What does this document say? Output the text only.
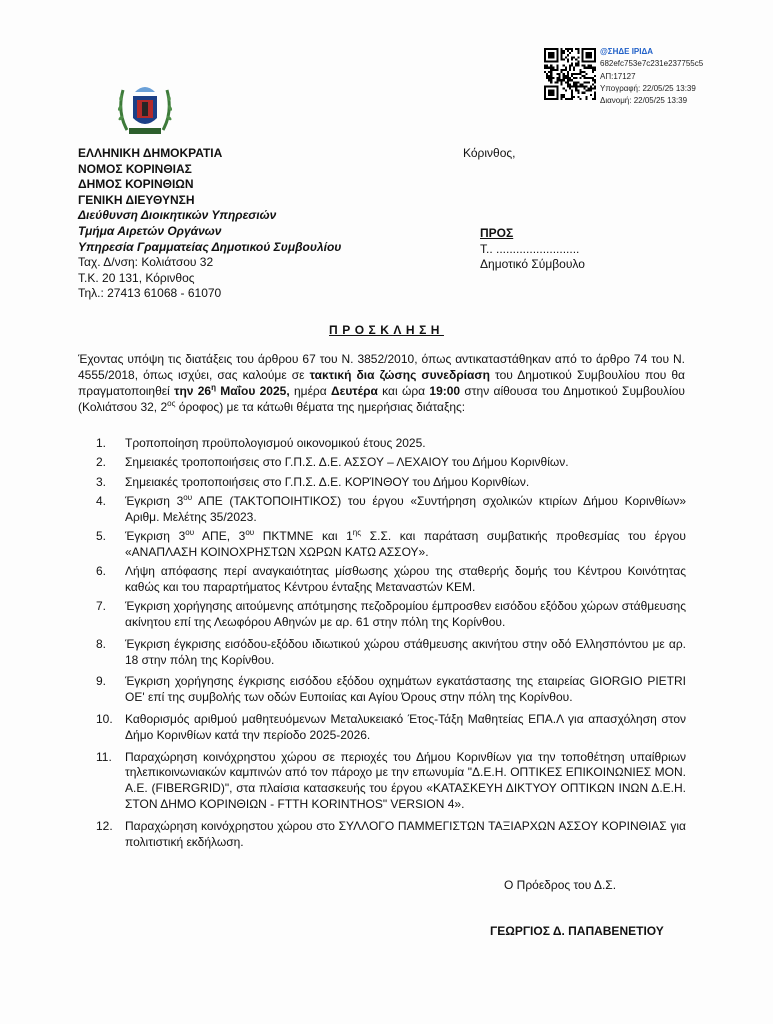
@ΣΗΔΕ ΙΡΙΔΑ
682efc753e7c231e237755c5
ΑΠ:17127
Υπογραφή: 22/05/25 13:39
Διανομή: 22/05/25 13:39
ΕΛΛΗΝΙΚΗ ΔΗΜΟΚΡΑΤΙΑ
ΝΟΜΟΣ ΚΟΡΙΝΘΙΑΣ
ΔΗΜΟΣ ΚΟΡΙΝΘΙΩΝ
ΓΕΝΙΚΗ ΔΙΕΥΘΥΝΣΗ
Διεύθυνση Διοικητικών Υπηρεσιών
Τμήμα Αιρετών Οργάνων
Υπηρεσία Γραμματείας Δημοτικού Συμβουλίου
Ταχ. Δ/νση: Κολιάτσου 32
Τ.Κ. 20 131, Κόρινθος
Τηλ.: 27413 61068 - 61070
Κόρινθος,
ΠΡΟΣ
Τ.. .........................
Δημοτικό Σύμβουλο
ΠΡΟΣΚΛΗΣΗ
Έχοντας υπόψη τις διατάξεις του άρθρου 67 του Ν. 3852/2010, όπως αντικαταστάθηκαν από το άρθρο 74 του Ν. 4555/2018, όπως ισχύει, σας καλούμε σε τακτική δια ζώσης συνεδρίαση του Δημοτικού Συμβουλίου που θα πραγματοποιηθεί την $26^\eta$ Μαΐου 2025, ημέρα Δευτέρα και ώρα 19:00 στην αίθουσα του Δημοτικού Συμβουλίου (Κολιάτσου 32, $2^{o\varsigma}$ όροφος) με τα κάτωθι θέματα της ημερήσιας διάταξης:
1. Τροποποίηση προϋπολογισμού οικονομικού έτους 2025.
2. Σημειακές τροποποιήσεις στο Γ.Π.Σ. Δ.Ε. ΑΣΣΟΥ – ΛΕΧΑΙΟΥ του Δήμου Κορινθίων.
3. Σημειακές τροποποιήσεις στο Γ.Π.Σ. Δ.Ε. ΚΟΡΊΝΘΟΥ του Δήμου Κορινθίων.
4. Έγκριση $3^{o\upsilon}$ ΑΠΕ (ΤΑΚΤΟΠΟΙΗΤΙΚΟΣ) του έργου «Συντήρηση σχολικών κτιρίων Δήμου Κορινθίων» Αριθμ. Μελέτης 35/2023.
5. Έγκριση $3^{o\upsilon}$ ΑΠΕ, $3^{o\upsilon}$ ΠΚΤΜΝΕ και $1^{\eta\varsigma}$ Σ.Σ. και παράταση συμβατικής προθεσμίας του έργου «ΑΝΑΠΛΑΣΗ ΚΟΙΝΟΧΡΗΣΤΩΝ ΧΩΡΩΝ ΚΑΤΩ ΑΣΣΟΥ».
6. Λήψη απόφασης περί αναγκαιότητας μίσθωσης χώρου της σταθερής δομής του Κέντρου Κοινότητας καθώς και του παραρτήματος Κέντρου ένταξης Μεταναστών ΚΕΜ.
7. Έγκριση χορήγησης αιτούμενης απότμησης πεζοδρομίου έμπροσθεν εισόδου εξόδου χώρων στάθμευσης ακίνητου επί της Λεωφόρου Αθηνών με αρ. 61 στην πόλη της Κορίνθου.
8. Έγκριση έγκρισης εισόδου-εξόδου ιδιωτικού χώρου στάθμευσης ακινήτου στην οδό Ελλησπόντου με αρ. 18 στην πόλη της Κορίνθου.
9. Έγκριση χορήγησης έγκρισης εισόδου εξόδου οχημάτων εγκατάστασης της εταιρείας GIORGIO PIETRI ΟΕ' επί της συμβολής των οδών Ευποιίας και Αγίου Όρους στην πόλη της Κορίνθου.
10. Καθορισμός αριθμού μαθητευόμενων Μεταλυκειακό Έτος-Τάξη Μαθητείας ΕΠΑ.Λ για απασχόληση στον Δήμο Κορινθίων κατά την περίοδο 2025-2026.
11. Παραχώρηση κοινόχρηστου χώρου σε περιοχές του Δήμου Κορινθίων για την τοποθέτηση υπαίθριων τηλεπικοινωνιακών καμπινών από τον πάροχο με την επωνυμία "Δ.Ε.Η. ΟΠΤΙΚΕΣ ΕΠΙΚΟΙΝΩΝΙΕΣ ΜΟΝ. Α.Ε. (FIBERGRID)", στα πλαίσια κατασκευής του έργου «ΚΑΤΑΣΚΕΥΗ ΔΙΚΤΥΟΥ ΟΠΤΙΚΩΝ ΙΝΩΝ Δ.Ε.Η. ΣΤΟΝ ΔΗΜΟ ΚΟΡΙΝΘΙΩΝ - FTTH KORINTHOS" VERSION 4».
12. Παραχώρηση κοινόχρηστου χώρου στο ΣΥΛΛΟΓΟ ΠΑΜΜΕΓΙΣΤΩΝ ΤΑΞΙΑΡΧΩΝ ΑΣΣΟΥ ΚΟΡΙΝΘΙΑΣ για πολιτιστική εκδήλωση.
Ο Πρόεδρος του Δ.Σ.
ΓΕΩΡΓΙΟΣ Δ. ΠΑΠΑΒΕΝΕΤΙΟΥ
